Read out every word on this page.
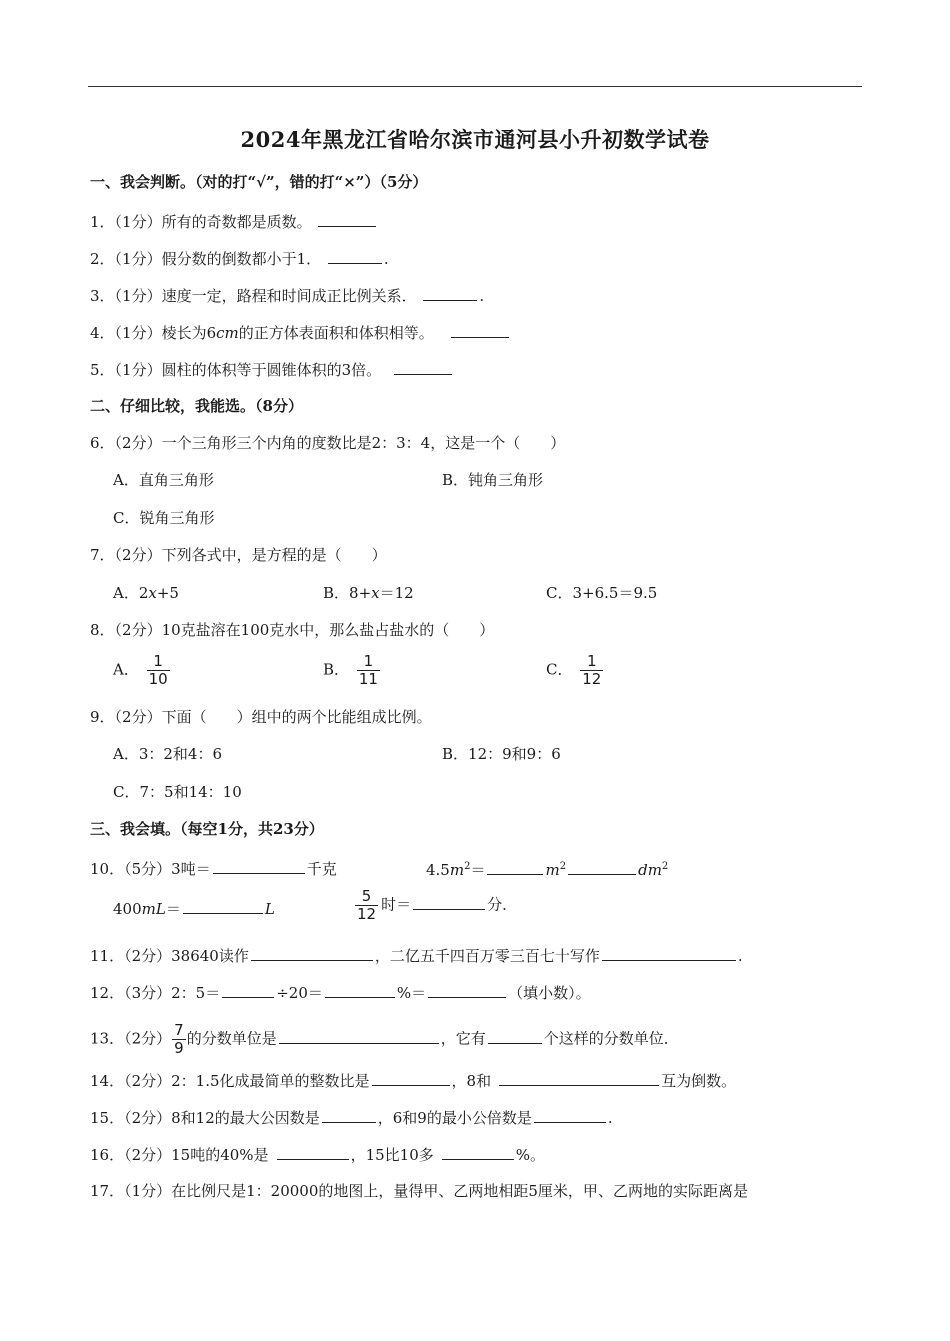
2024年黑龙江省哈尔滨市通河县小升初数学试卷
一、我会判断。（对的打“√”，错的打“×”）（5分）
1．（1分）所有的奇数都是质数。
2．（1分）假分数的倒数都小于1．	.
3．（1分）速度一定，路程和时间成正比例关系．	.
4．（1分）棱长为6cm的正方体表面积和体积相等。
5．（1分）圆柱的体积等于圆锥体积的3倍。
二、仔细比较，我能选。（8分）
6．（2分）一个三角形三个内角的度数比是2：3：4，这是一个（　　）
A．直角三角形	B．钝角三角形
C．锐角三角形
7．（2分）下列各式中，是方程的是（　　）
A．2x+5	B．8+x＝12	C．3+6.5＝9.5
8．（2分）10克盐溶在100克水中，那么盐占盐水的（　　）
A． $\frac{1}{10}$	B． $\frac{1}{11}$	C． $\frac{1}{12}$
9．（2分）下面（　　）组中的两个比能组成比例。
A．3：2和4：6	B．12：9和9：6
C．7：5和14：10
三、我会填。（每空1分，共23分）
10．（5分）3吨＝	千克	$4.5m^2=$	$m^2$	$dm^2$
400mL＝	L	$\frac{5}{12}$ 时＝	分．
11．（2分）38640读作	，二亿五千四百万零三百七十写作	.
12．（3分）2：5＝	÷20＝	%＝	（填小数）。
13．（2分） $\frac{7}{9}$ 的分数单位是	，它有	个这样的分数单位．
14．（2分）2：1.5化成最简单的整数比是	，8和	互为倒数。
15．（2分）8和12的最大公因数是	，6和9的最小公倍数是	.
16．（2分）15吨的40%是	，15比10多	%。
17．（1分）在比例尺是1：20000的地图上，量得甲、乙两地相距5厘米，甲、乙两地的实际距离是
